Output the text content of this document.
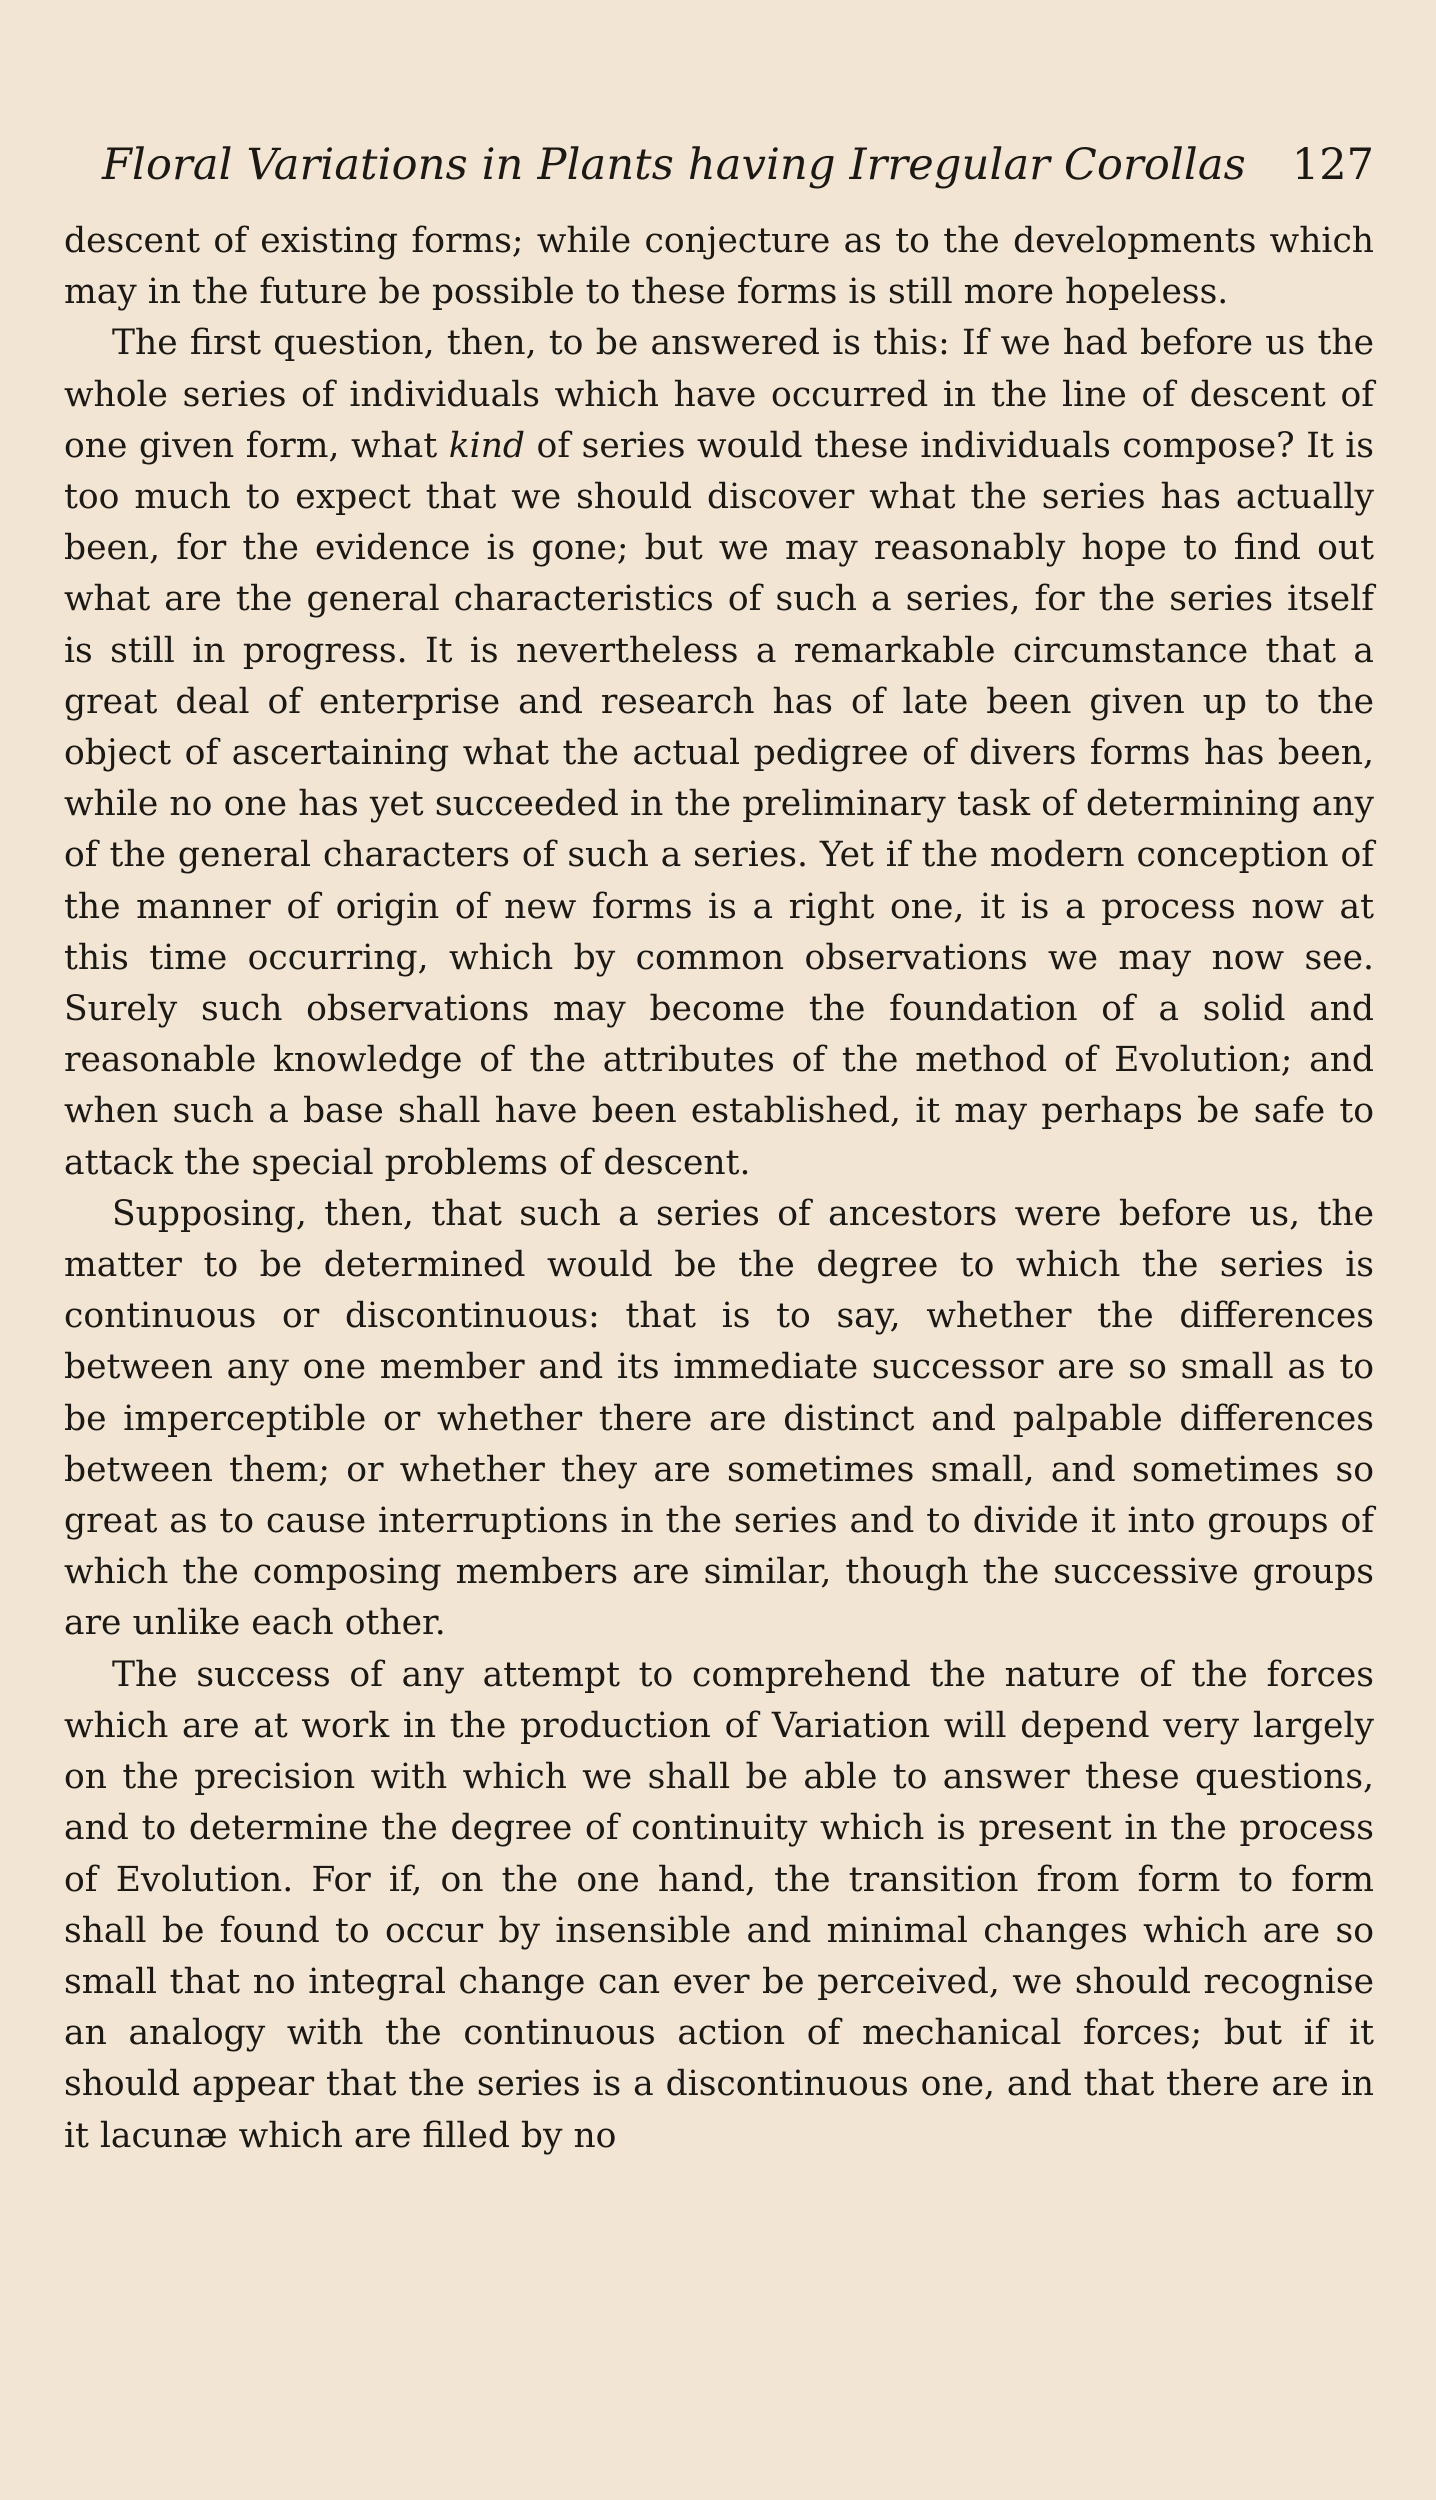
Floral Variations in Plants having Irregular Corollas 127

descent of existing forms; while conjecture as to the developments which may in the future be possible to these forms is still more hopeless.

The first question, then, to be answered is this: If we had before us the whole series of individuals which have occurred in the line of descent of one given form, what kind of series would these individuals compose? It is too much to expect that we should discover what the series has actually been, for the evidence is gone; but we may reasonably hope to find out what are the general characteristics of such a series, for the series itself is still in progress. It is nevertheless a remarkable circumstance that a great deal of enterprise and research has of late been given up to the object of ascertaining what the actual pedigree of divers forms has been, while no one has yet succeeded in the preliminary task of determining any of the general characters of such a series. Yet if the modern conception of the manner of origin of new forms is a right one, it is a process now at this time occurring, which by common observations we may now see. Surely such observations may become the foundation of a solid and reasonable knowledge of the attributes of the method of Evolution; and when such a base shall have been established, it may perhaps be safe to attack the special problems of descent.

Supposing, then, that such a series of ancestors were before us, the matter to be determined would be the degree to which the series is continuous or discontinuous: that is to say, whether the differences between any one member and its immediate successor are so small as to be imperceptible or whether there are distinct and palpable differences between them; or whether they are sometimes small, and sometimes so great as to cause interruptions in the series and to divide it into groups of which the composing members are similar, though the successive groups are unlike each other.

The success of any attempt to comprehend the nature of the forces which are at work in the production of Variation will depend very largely on the precision with which we shall be able to answer these questions, and to determine the degree of continuity which is present in the process of Evolution. For if, on the one hand, the transition from form to form shall be found to occur by insensible and minimal changes which are so small that no integral change can ever be perceived, we should recognise an analogy with the continuous action of mechanical forces; but if it should appear that the series is a discontinuous one, and that there are in it lacunæ which are filled by no
